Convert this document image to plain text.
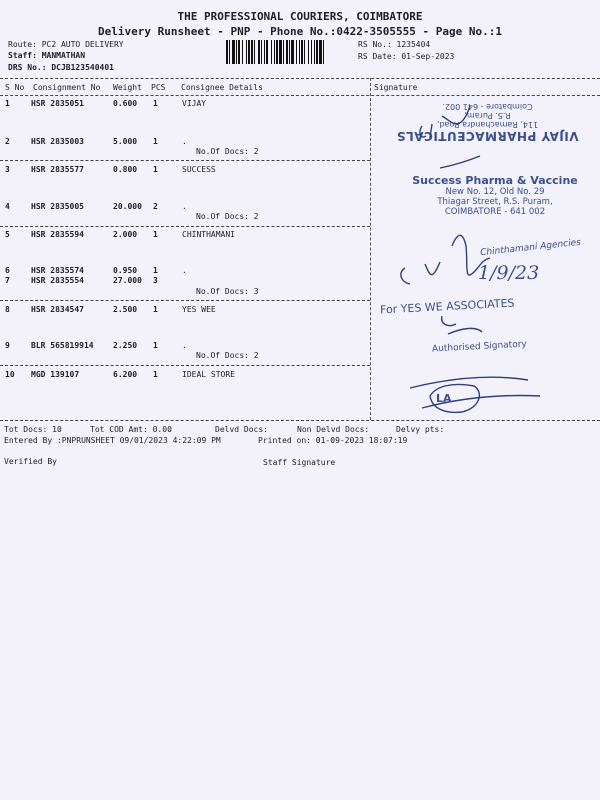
THE PROFESSIONAL COURIERS, COIMBATORE
Delivery Runsheet - PNP - Phone No.:0422-3505555 - Page No.:1
Route: PC2 AUTO DELIVERY
Staff: MANMATHAN
DRS No.: DCJB123540401
RS No.: 1235404
RS Date: 01-Sep-2023
S No Consignment No Weight PCS Consignee Details	Signature
1	HSR 2835051	0.600 1	VIJAY
2	HSR 2835003	5.000 1	.
No.Of Docs: 2
3	HSR 2835577	0.800 1	SUCCESS
4	HSR 2835005	20.000 2	.
No.Of Docs: 2
5	HSR 2835594	2.000 1	CHINTHAMANI
6	HSR 2835574	0.950 1	.
7	HSR 2835554	27.000 3
No.Of Docs: 3
8	HSR 2834547	2.500 1	YES WEE
9	BLR 565819914 2.250 1	.
No.Of Docs: 2
10 MGD 139107	6.200 1	IDEAL STORE
VIJAY PHARMACEUTICALS
114, Ramachandra Road,
R.S. Puram,
Coimbatore - 641 002.
Success Pharma & Vaccine
New No. 12, Old No. 29
Thiagar Street, R.S. Puram,
COIMBATORE - 641 002
Chinthamani Agencies
1/9/23
For YES WE ASSOCIATES
Authorised Signatory
LA
Tot Docs: 10	Tot COD Amt: 0.00	Delvd Docs:	Non Delvd Docs:	Delvy pts:
Entered By :PNPRUNSHEET 09/01/2023 4:22:09 PM	Printed on: 01-09-2023 18:07:19
Verified By	Staff Signature
